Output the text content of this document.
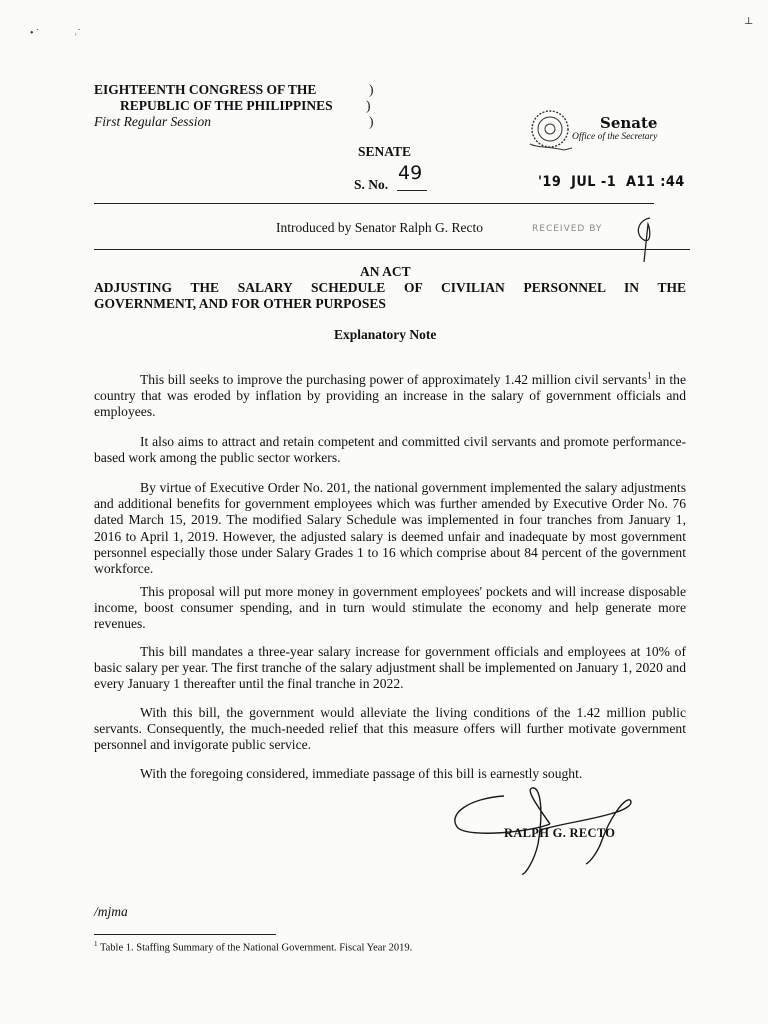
• ˙	˒˙
⊥
EIGHTEENTH CONGRESS OF THE
REPUBLIC OF THE PHILIPPINES
First Regular Session
)
)
)	Senate
Office of the Secretary
SENATE
S. No.
49	'19  JUL -1  A11 :44
Introduced by Senator Ralph G. Recto	RECEIVED BY
AN ACT
ADJUSTING THE SALARY SCHEDULE OF CIVILIAN PERSONNEL IN THE
GOVERNMENT, AND FOR OTHER PURPOSES
Explanatory Note

This bill seeks to improve the purchasing power of approximately 1.42 million civil servants$^1$ in the country that was eroded by inflation by providing an increase in the salary of government officials and employees.

It also aims to attract and retain competent and committed civil servants and promote performance-based work among the public sector workers.

By virtue of Executive Order No. 201, the national government implemented the salary adjustments and additional benefits for government employees which was further amended by Executive Order No. 76 dated March 15, 2019. The modified Salary Schedule was implemented in four tranches from January 1, 2016 to April 1, 2019. However, the adjusted salary is deemed unfair and inadequate by most government personnel especially those under Salary Grades 1 to 16 which comprise about 84 percent of the government workforce.

This proposal will put more money in government employees' pockets and will increase disposable income, boost consumer spending, and in turn would stimulate the economy and help generate more revenues.

This bill mandates a three-year salary increase for government officials and employees at 10% of basic salary per year. The first tranche of the salary adjustment shall be implemented on January 1, 2020 and every January 1 thereafter until the final tranche in 2022.

With this bill, the government would alleviate the living conditions of the 1.42 million public servants. Consequently, the much-needed relief that this measure offers will further motivate government personnel and invigorate public service.

With the foregoing considered, immediate passage of this bill is earnestly sought.

RALPH G. RECTO
/mjma
$^1$ Table 1. Staffing Summary of the National Government. Fiscal Year 2019.
